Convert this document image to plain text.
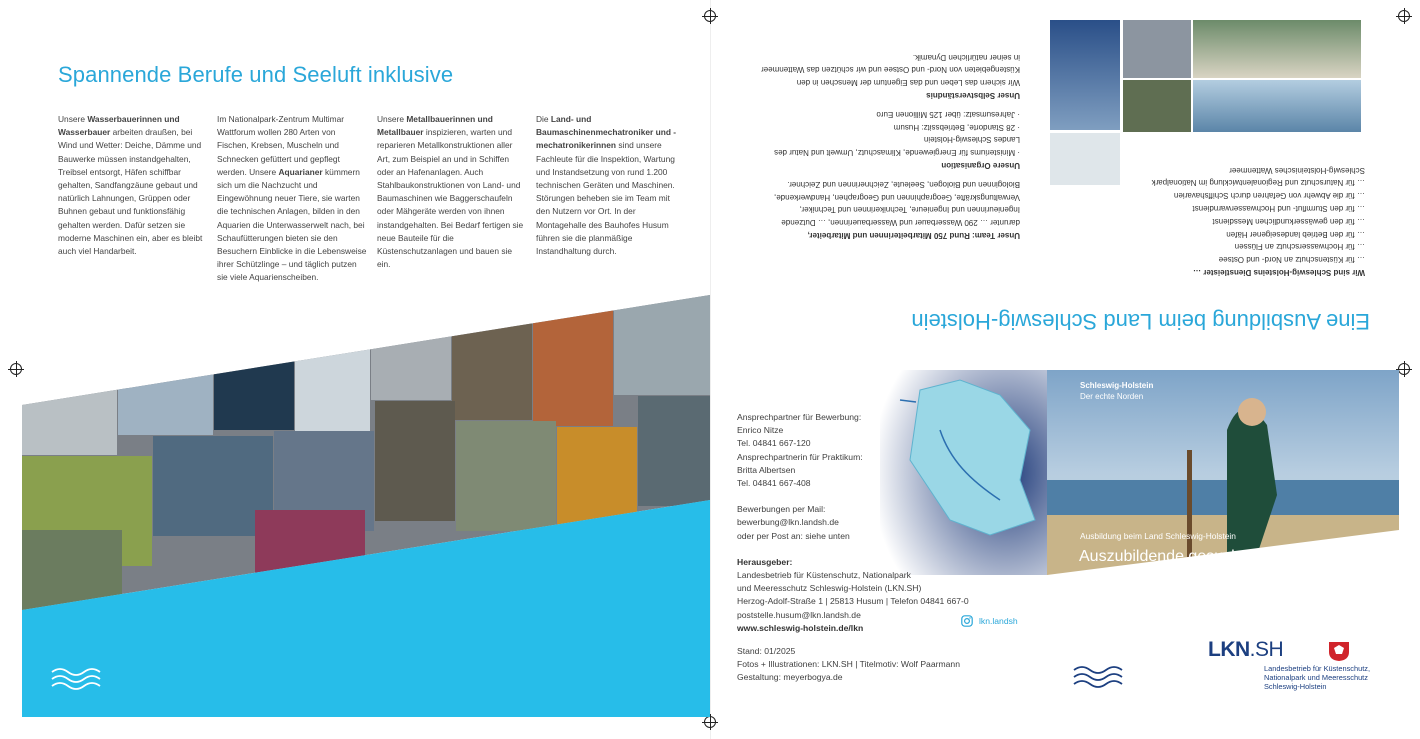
Spannende Berufe und Seeluft inklusive
Unsere Wasserbauerinnen und Wasserbauer arbeiten draußen, bei Wind und Wetter: Deiche, Dämme und Bauwerke müssen instandgehalten, Treibsel entsorgt, Häfen schiffbar gehalten, Sandfangzäune gebaut und natürlich Lahnungen, Grüppen oder Buhnen gebaut und funktionsfähig gehalten werden. Dafür setzen sie moderne Maschinen ein, aber es bleibt auch viel Handarbeit.
Im Nationalpark-Zentrum Multimar Wattforum wollen 280 Arten von Fischen, Krebsen, Muscheln und Schnecken gefüttert und gepflegt werden. Unsere Aquarianer kümmern sich um die Nachzucht und Eingewöhnung neuer Tiere, sie warten die technischen Anlagen, bilden in den Aquarien die Unterwasserwelt nach, bei Schaufütterungen bieten sie den Besuchern Einblicke in die Lebensweise ihrer Schützlinge – und täglich putzen sie viele Aquarienscheiben.
Unsere Metallbauerinnen und Metallbauer inspizieren, warten und reparieren Metallkonstruktionen aller Art, zum Beispiel an und in Schiffen oder an Hafenanlagen. Auch Stahlbaukonstruktionen von Land- und Baumaschinen wie Baggerschaufeln oder Mähgeräte werden von ihnen instandgehalten. Bei Bedarf fertigen sie neue Bauteile für die Küstenschutzanlagen und bauen sie ein.
Die Land- und Baumaschinenmechatroniker und -mechatronikerinnen sind unsere Fachleute für die Inspektion, Wartung und Instandsetzung von rund 1.200 technischen Geräten und Maschinen. Störungen beheben sie im Team mit den Nutzern vor Ort. In der Montagehalle des Bauhofes Husum führen sie die planmäßige Instandhaltung durch.
Eine Ausbildung beim Land Schleswig-Holstein
Wir sind Schleswig-Holsteins Dienstleister …
… für Küstenschutz an Nord- und Ostsee
… für Hochwasserschutz an Flüssen
… für den Betrieb landeseigener Häfen
… für den gewässerkundlichen Messdienst
… für den Sturmflut- und Hochwasserwarndienst
… für die Abwehr von Gefahren durch Schiffshavarien
… für Naturschutz und Regionalentwicklung im Nationalpark Schleswig-Holsteinisches Wattenmeer
Unser Team: Rund 750 Mitarbeiterinnen und Mitarbeiter,
darunter … 290 Wasserbauer und Wasserbauerinnen, … Dutzende Ingenieurinnen und Ingenieure, Technikerinnen und Techniker, Verwaltungskräfte, Geographinnen und Geographen, Handwerkende, Biologinnen und Biologen, Seeleute, Zeichnerinnen und Zeichner.
Unsere Organisation
· Ministeriums für Energiewende, Klimaschutz, Umwelt und Natur des Landes Schleswig-Holstein
· 28 Standorte, Betriebssitz: Husum
· Jahresumsatz: über 125 Millionen Euro
Unser Selbstverständnis
Wir sichern das Leben und das Eigentum der Menschen in den Küstengebieten von Nord- und Ostsee und wir schützen das Wattenmeer in seiner natürlichen Dynamik.
Ansprechpartner für Bewerbung:
Enrico Nitze
Tel. 04841 667-120
Ansprechpartnerin für Praktikum:
Britta Albertsen
Tel. 04841 667-408
Bewerbungen per Mail:
bewerbung@lkn.landsh.de
oder per Post an: siehe unten
Herausgeber:
Landesbetrieb für Küstenschutz, Nationalpark
und Meeresschutz Schleswig-Holstein (LKN.SH)
Herzog-Adolf-Straße 1 | 25813 Husum | Telefon 04841 667-0
poststelle.husum@lkn.landsh.de
www.schleswig-holstein.de/lkn
lkn.landsh
Stand: 01/2025
Fotos + Illustrationen: LKN.SH | Titelmotiv: Wolf Paarmann
Gestaltung: meyerbogya.de
Schleswig-Holstein
Der echte Norden
Ausbildung beim Land Schleswig-Holstein
Auszubildende gesucht
LKN.SH
Landesbetrieb für Küstenschutz,
Nationalpark und Meeresschutz
Schleswig-Holstein
